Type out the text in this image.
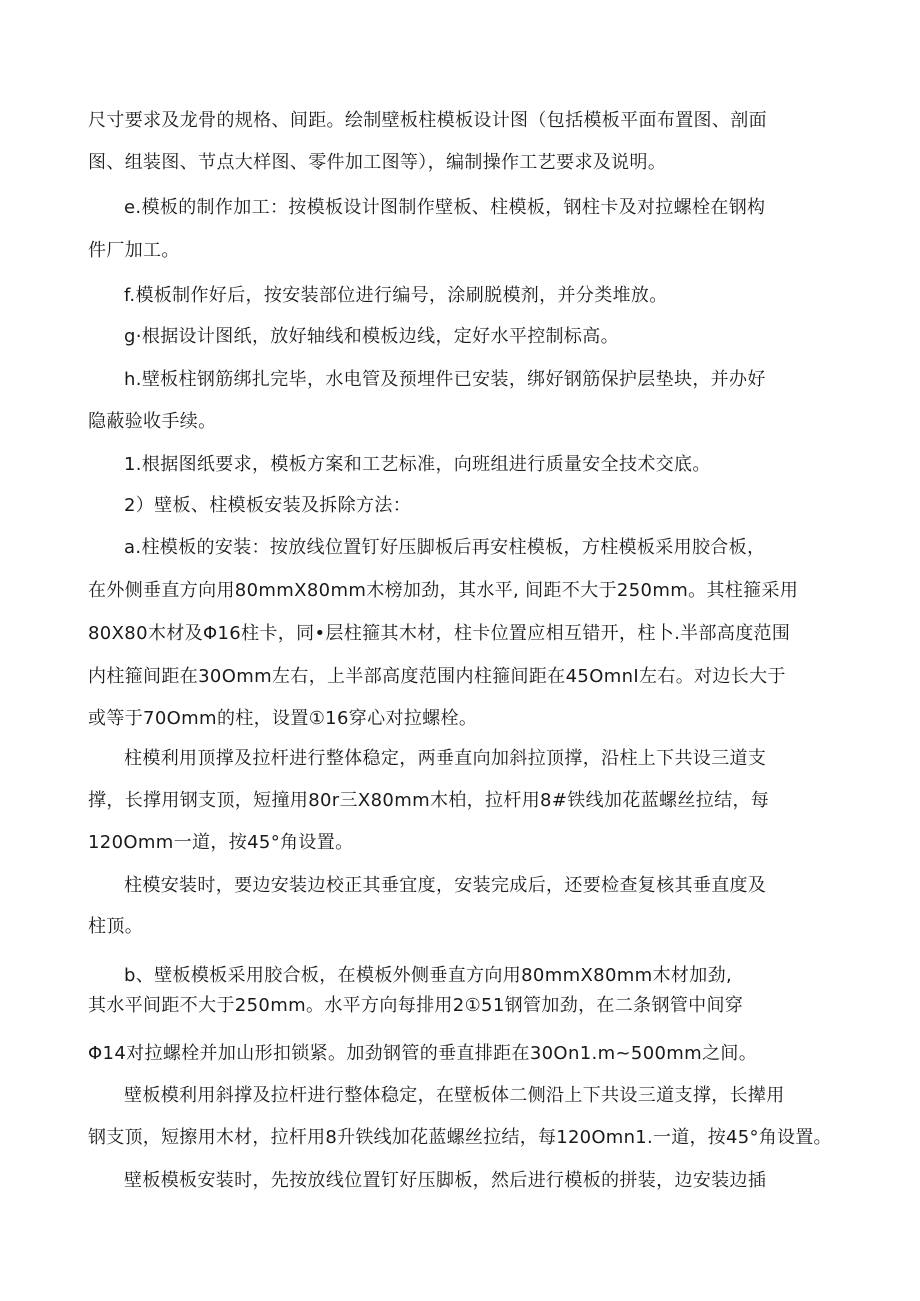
尺寸要求及龙骨的规格、间距。绘制壁板柱模板设计图（包括模板平面布置图、剖面
图、组装图、节点大样图、零件加工图等），编制操作工艺要求及说明。
e.模板的制作加工：按模板设计图制作壁板、柱模板，钢柱卡及对拉螺栓在钢构
件厂加工。
f.模板制作好后，按安装部位进行编号，涂刷脱模剂，并分类堆放。
g·根据设计图纸，放好轴线和模板边线，定好水平控制标高。
h.壁板柱钢筋绑扎完毕，水电管及预埋件已安装，绑好钢筋保护层垫块，并办好
隐蔽验收手续。
1.根据图纸要求，模板方案和工艺标准，向班组进行质量安全技术交底。
2）壁板、柱模板安装及拆除方法：
a.柱模板的安装：按放线位置钉好压脚板后再安柱模板，方柱模板采用胶合板，
在外侧垂直方向用80mmX80mm木榜加劲，其水平, 间距不大于250mm。其柱箍采用
80X80木材及Φ16柱卡，同•层柱箍其木材，柱卡位置应相互错开，柱卜.半部高度范围
内柱箍间距在30Omm左右，上半部高度范围内柱箍间距在45OmnI左右。对边长大于
或等于70Omm的柱，设置①16穿心对拉螺栓。
柱模利用顶撑及拉杆进行整体稳定，两垂直向加斜拉顶撑，沿柱上下共设三道支
撑，长撑用钢支顶，短撞用80r三X80mm木柏，拉杆用8#铁线加花蓝螺丝拉结，每
120Omm一道，按45°角设置。
柱模安装时，要边安装边校正其垂宜度，安装完成后，还要检查复核其垂直度及
柱顶。
b、壁板模板采用胶合板，在模板外侧垂直方向用80mmX80mm木材加劲,
其水平间距不大于250mm。水平方向每排用2①51钢管加劲，在二条钢管中间穿
Φ14对拉螺栓并加山形扣锁紧。加劲钢管的垂直排距在30On1.m~500mm之间。
壁板模利用斜撑及拉杆进行整体稳定，在壁板体二侧沿上下共设三道支撑，长撵用
钢支顶，短擦用木材，拉杆用8升铁线加花蓝螺丝拉结，每120Omn1.一道，按45°角设置。
壁板模板安装时，先按放线位置钉好压脚板，然后进行模板的拼装，边安装边插
